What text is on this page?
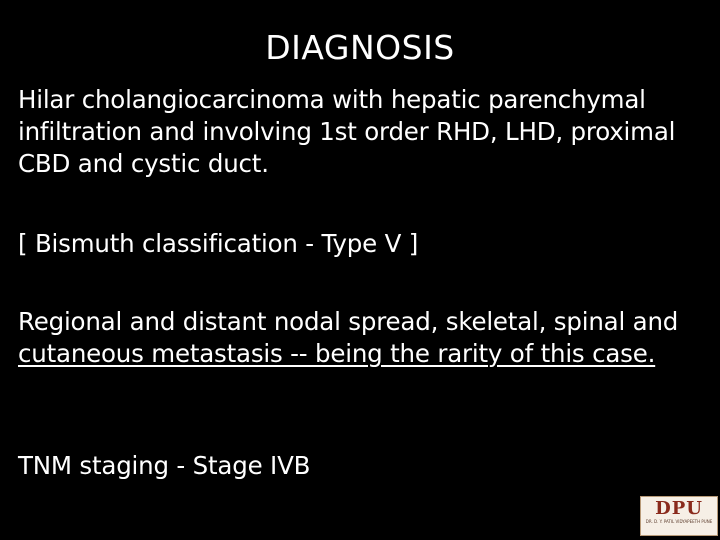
DIAGNOSIS
Hilar cholangiocarcinoma with hepatic parenchymal infiltration and involving 1st order RHD, LHD, proximal CBD and cystic duct.
[ Bismuth classification - Type V ]
Regional and distant nodal spread, skeletal, spinal and cutaneous metastasis -- being the rarity of this case.
TNM staging - Stage IVB
DPU
DR. D. Y. PATIL VIDYAPEETH PUNE
